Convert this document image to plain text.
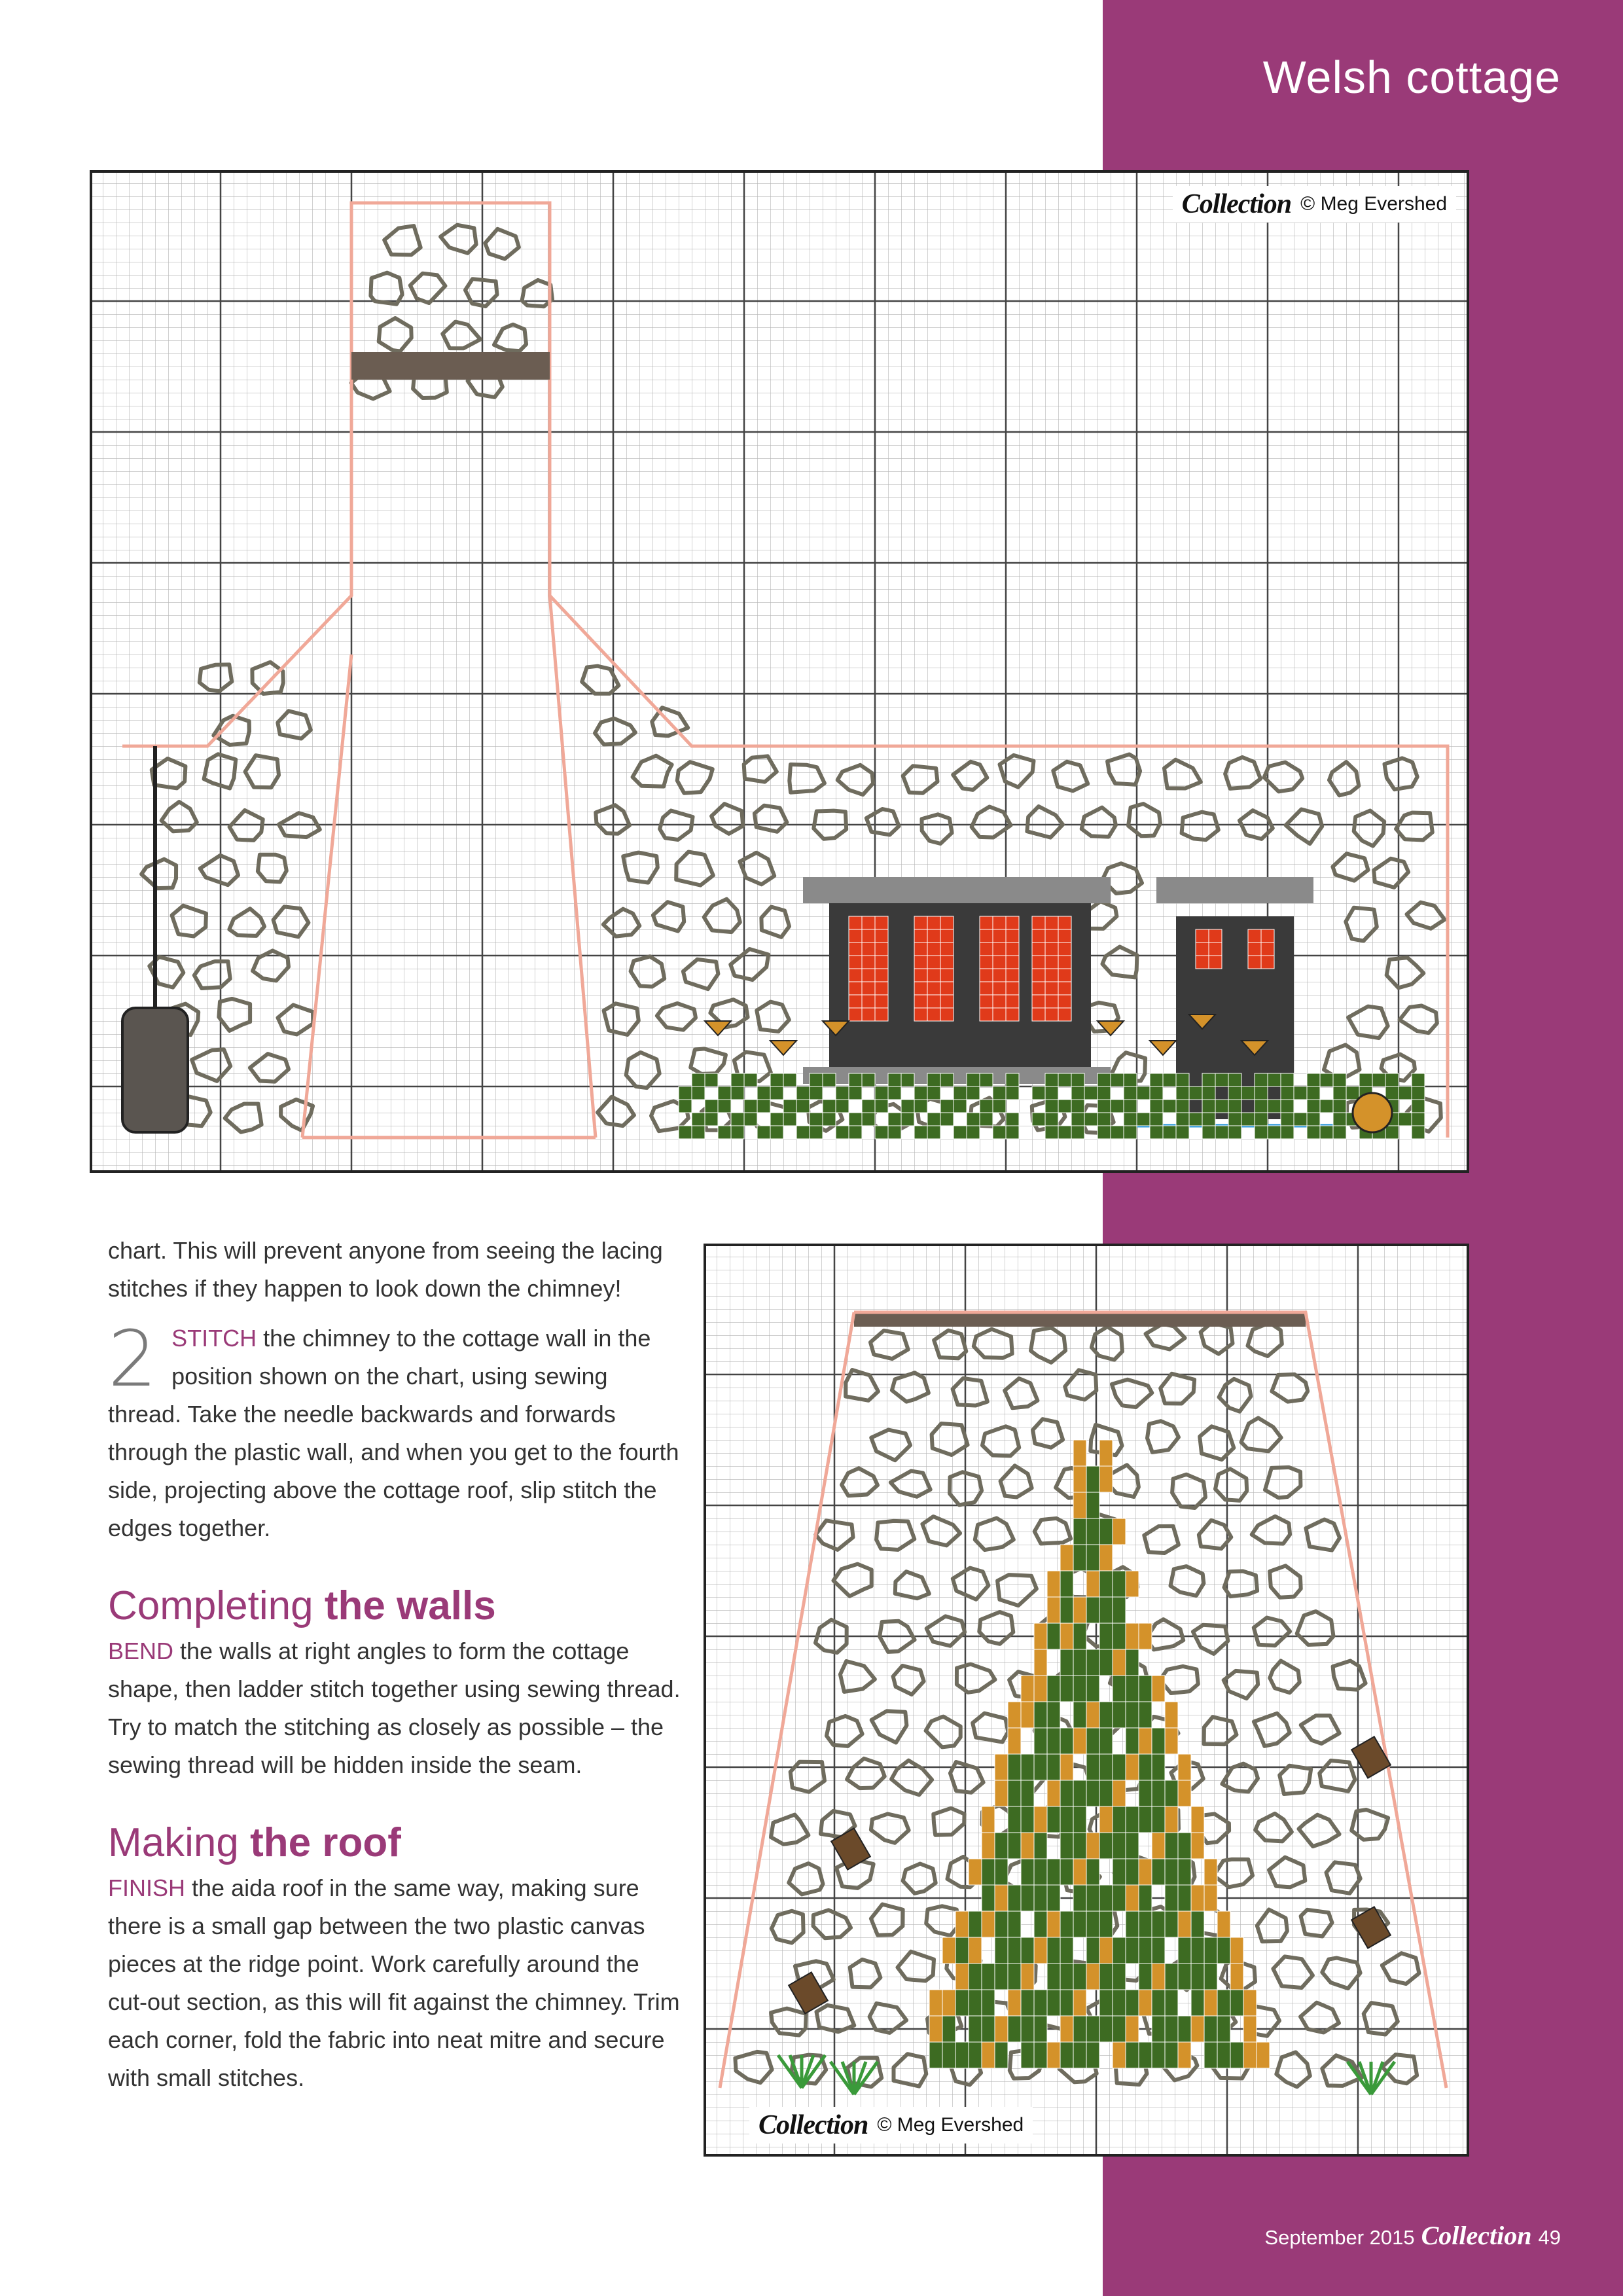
Welsh cottage
Collection © Meg Evershed
Collection © Meg Evershed

chart. This will prevent anyone from seeing the lacing stitches if they happen to look down the chimney!

2 STITCH the chimney to the cottage wall in the position shown on the chart, using sewing thread. Take the needle backwards and forwards through the plastic wall, and when you get to the fourth side, projecting above the cottage roof, slip stitch the edges together.

Completing the walls

BEND the walls at right angles to form the cottage shape, then ladder stitch together using sewing thread. Try to match the stitching as closely as possible – the sewing thread will be hidden inside the seam.

Making the roof

FINISH the aida roof in the same way, making sure there is a small gap between the two plastic canvas pieces at the ridge point. Work carefully around the cut-out section, as this will fit against the chimney. Trim each corner, fold the fabric into neat mitre and secure with small stitches.

September 2015 Collection 49
